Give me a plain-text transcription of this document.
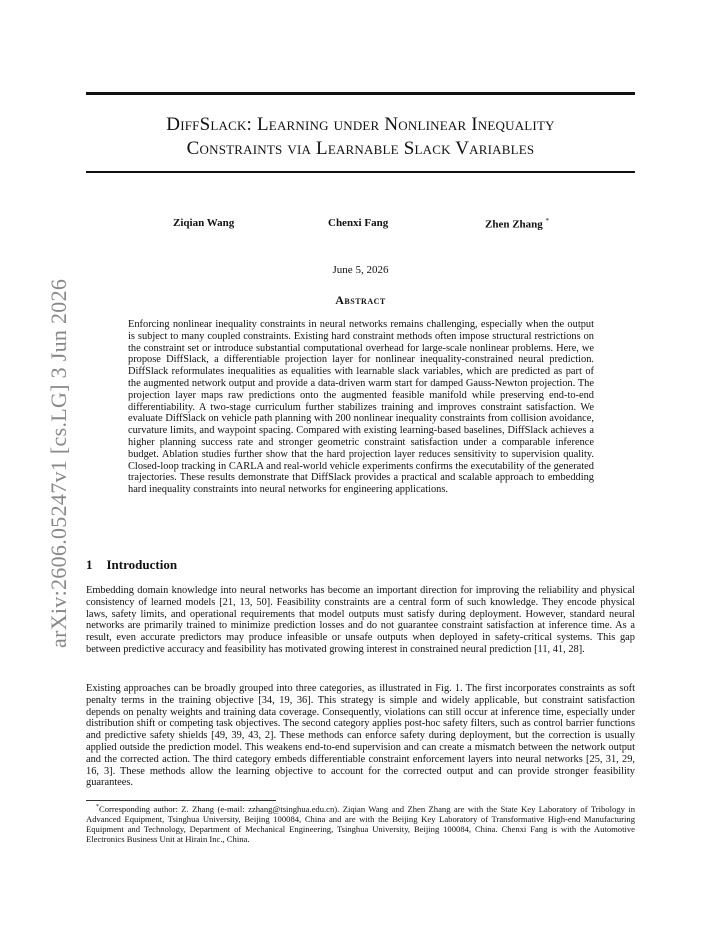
arXiv:2606.05247v1 [cs.LG] 3 Jun 2026
DiffSlack: Learning under Nonlinear Inequality
Constraints via Learnable Slack Variables
Ziqian Wang	Chenxi Fang	Zhen Zhang *
June 5, 2026
Abstract
Enforcing nonlinear inequality constraints in neural networks remains challenging, especially when the output is subject to many coupled constraints. Existing hard constraint methods often impose structural restrictions on the constraint set or introduce substantial computational overhead for large-scale nonlinear problems. Here, we propose DiffSlack, a differentiable projection layer for nonlinear inequality-constrained neural prediction. DiffSlack reformulates inequalities as equalities with learnable slack variables, which are predicted as part of the augmented network output and provide a data-driven warm start for damped Gauss-Newton projection. The projection layer maps raw predictions onto the augmented feasible manifold while preserving end-to-end differentiability. A two-stage curriculum further stabilizes training and improves constraint satisfaction. We evaluate DiffSlack on vehicle path planning with 200 nonlinear inequality constraints from collision avoidance, curvature limits, and waypoint spacing. Compared with existing learning-based baselines, DiffSlack achieves a higher planning success rate and stronger geometric constraint satisfaction under a comparable inference budget. Ablation studies further show that the hard projection layer reduces sensitivity to supervision quality. Closed-loop tracking in CARLA and real-world vehicle experiments confirms the executability of the generated trajectories. These results demonstrate that DiffSlack provides a practical and scalable approach to embedding hard inequality constraints into neural networks for engineering applications.
1 Introduction
Embedding domain knowledge into neural networks has become an important direction for improving the reliability and physical consistency of learned models [21, 13, 50]. Feasibility constraints are a central form of such knowledge. They encode physical laws, safety limits, and operational requirements that model outputs must satisfy during deployment. However, standard neural networks are primarily trained to minimize prediction losses and do not guarantee constraint satisfaction at inference time. As a result, even accurate predictors may produce infeasible or unsafe outputs when deployed in safety-critical systems. This gap between predictive accuracy and feasibility has motivated growing interest in constrained neural prediction [11, 41, 28].
Existing approaches can be broadly grouped into three categories, as illustrated in Fig. 1. The first incorporates constraints as soft penalty terms in the training objective [34, 19, 36]. This strategy is simple and widely applicable, but constraint satisfaction depends on penalty weights and training data coverage. Consequently, violations can still occur at inference time, especially under distribution shift or competing task objectives. The second category applies post-hoc safety filters, such as control barrier functions and predictive safety shields [49, 39, 43, 2]. These methods can enforce safety during deployment, but the correction is usually applied outside the prediction model. This weakens end-to-end supervision and can create a mismatch between the network output and the corrected action. The third category embeds differentiable constraint enforcement layers into neural networks [25, 31, 29, 16, 3]. These methods allow the learning objective to account for the corrected output and can provide stronger feasibility guarantees.
*Corresponding author: Z. Zhang (e-mail: zzhang@tsinghua.edu.cn). Ziqian Wang and Zhen Zhang are with the State Key Laboratory of Tribology in Advanced Equipment, Tsinghua University, Beijing 100084, China and are with the Beijing Key Laboratory of Transformative High-end Manufacturing Equipment and Technology, Department of Mechanical Engineering, Tsinghua University, Beijing 100084, China. Chenxi Fang is with the Automotive Electronics Business Unit at Hirain Inc., China.
